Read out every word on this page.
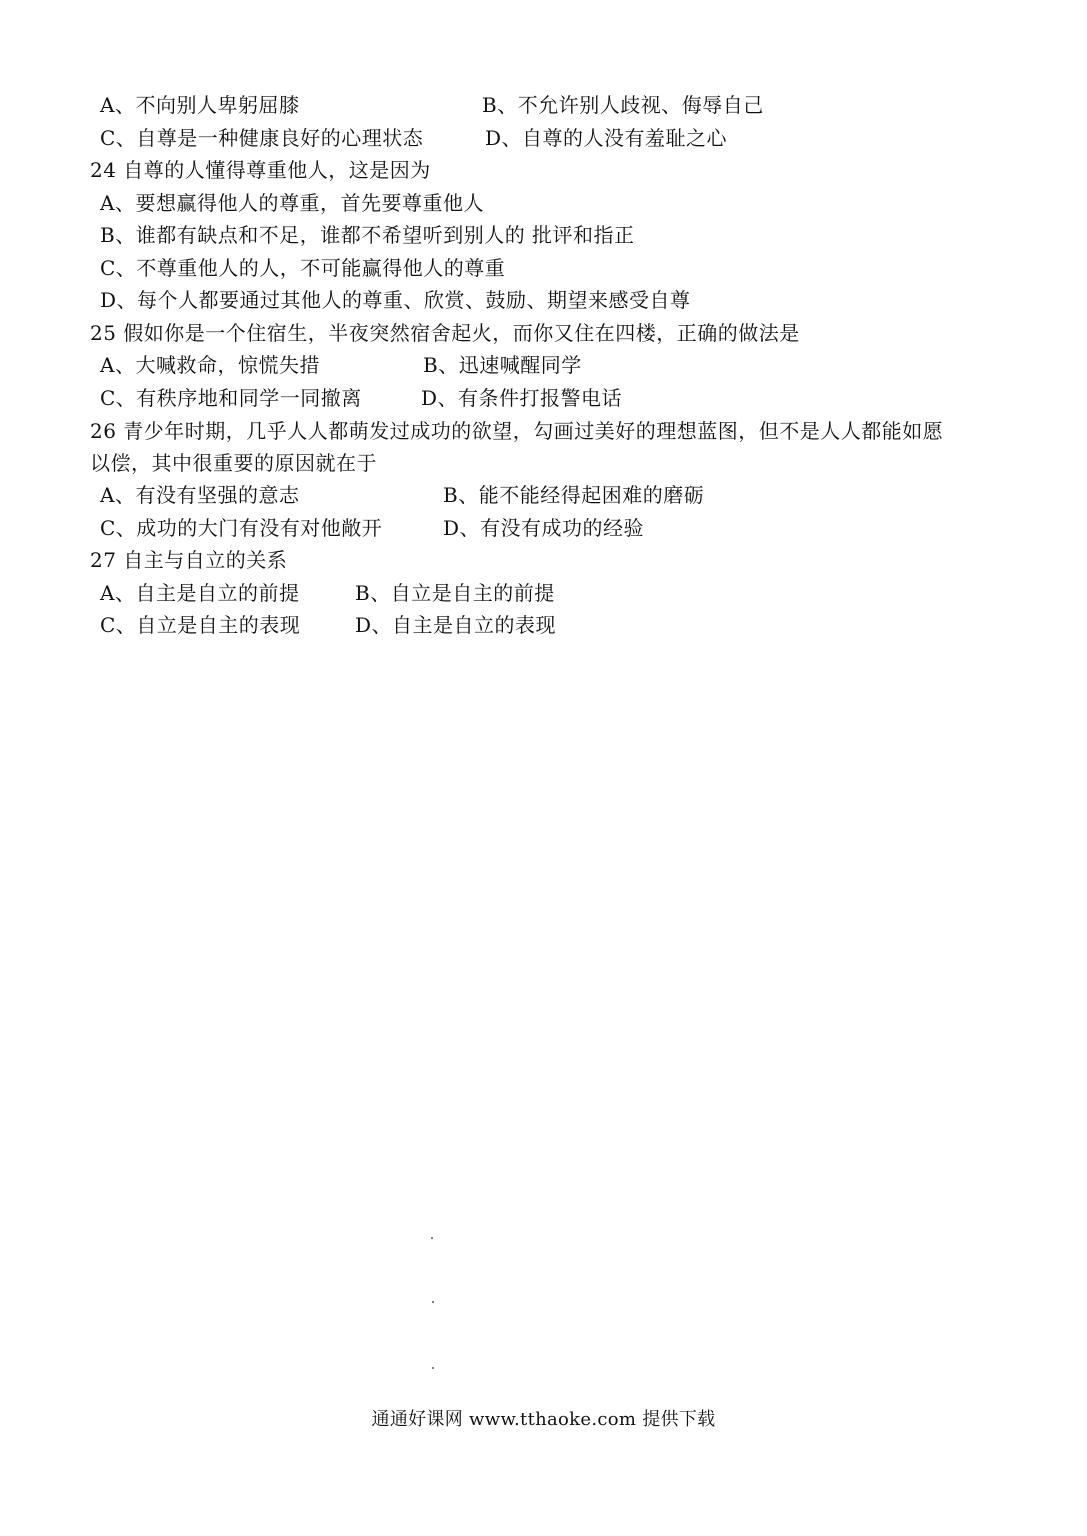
A、不向别人卑躬屈膝	B、不允许别人歧视、侮辱自己
C、自尊是一种健康良好的心理状态	D、自尊的人没有羞耻之心
24 自尊的人懂得尊重他人，这是因为
A、要想赢得他人的尊重，首先要尊重他人
B、谁都有缺点和不足，谁都不希望听到别人的 批评和指正
C、不尊重他人的人，不可能赢得他人的尊重
D、每个人都要通过其他人的尊重、欣赏、鼓励、期望来感受自尊
25 假如你是一个住宿生，半夜突然宿舍起火，而你又住在四楼，正确的做法是
A、大喊救命，惊慌失措	B、迅速喊醒同学
C、有秩序地和同学一同撤离	D、有条件打报警电话
26 青少年时期，几乎人人都萌发过成功的欲望，勾画过美好的理想蓝图，但不是人人都能如愿
以偿，其中很重要的原因就在于
A、有没有坚强的意志	B、能不能经得起困难的磨砺
C、成功的大门有没有对他敞开	D、有没有成功的经验
27 自主与自立的关系
A、自主是自立的前提	B、自立是自主的前提
C、自立是自主的表现	D、自主是自立的表现
通通好课网 www.tthaoke.com 提供下载
